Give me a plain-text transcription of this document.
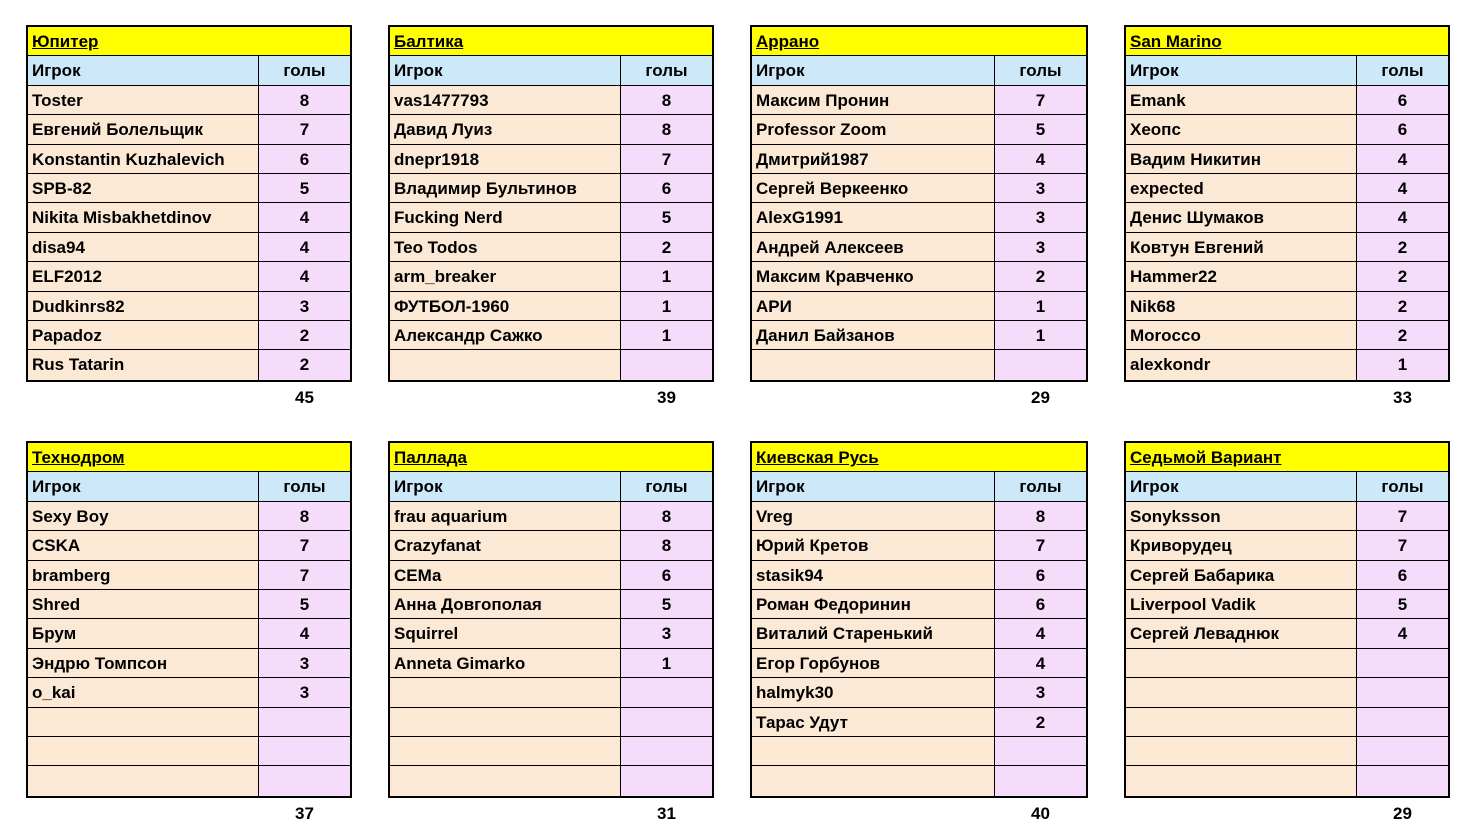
Юпитер
Игрок	голы
Toster	8
Евгений Болельщик	7
Konstantin Kuzhalevich	6
SPB-82	5
Nikita Misbakhetdinov	4
disa94	4
ELF2012	4
Dudkinrs82	3
Papadoz	2
Rus Tatarin	2
45
Балтика
Игрок	голы
vas1477793	8
Давид Луиз	8
dnepr1918	7
Владимир Бультинов	6
Fucking Nerd	5
Teo Todos	2
arm_breaker	1
ФУТБОЛ-1960	1
Александр Сажко	1
39
Аррано
Игрок	голы
Максим Пронин	7
Professor Zoom	5
Дмитрий1987	4
Сергей Веркеенко	3
AlexG1991	3
Андрей Алексеев	3
Максим Кравченко	2
АРИ	1
Данил Байзанов	1
29
San Marino
Игрок	голы
Emank	6
Хеопс	6
Вадим Никитин	4
expected	4
Денис Шумаков	4
Ковтун Евгений	2
Hammer22	2
Nik68	2
Morocco	2
alexkondr	1
33
Технодром
Игрок	голы
Sexy Boy	8
CSKA	7
bramberg	7
Shred	5
Брум	4
Эндрю Томпсон	3
o_kai	3
37
Паллада
Игрок	голы
frau aquarium	8
Crazyfanat	8
СЕМа	6
Анна Довгополая	5
Squirrel	3
Anneta Gimarko	1
31
Киевская Русь
Игрок	голы
Vreg	8
Юрий Кретов	7
stasik94	6
Роман Федоринин	6
Виталий Старенький	4
Егор Горбунов	4
halmyk30	3
Тарас Удут	2
40
Седьмой Вариант
Игрок	голы
Sonyksson	7
Криворудец	7
Сергей Бабарика	6
Liverpool Vadik	5
Сергей Леваднюк	4
29
